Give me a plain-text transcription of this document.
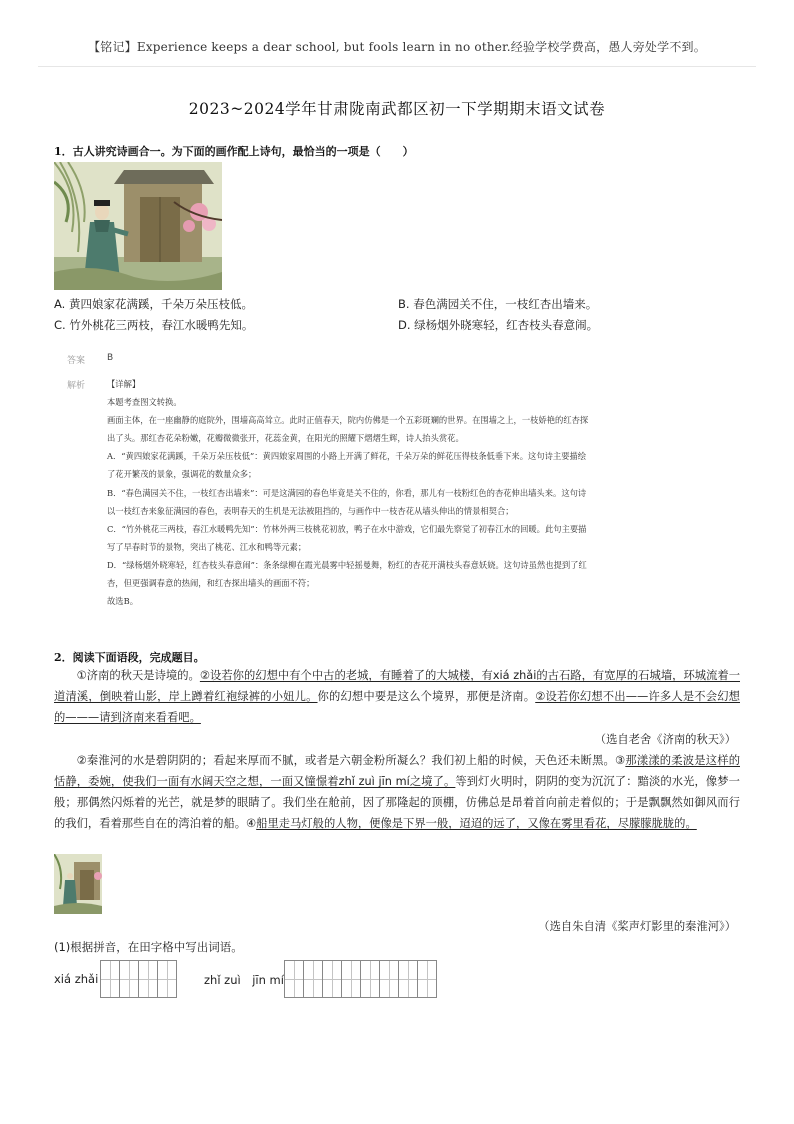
【铭记】Experience keeps a dear school, but fools learn in no other.经验学校学费高，愚人旁处学不到。
2023~2024学年甘肃陇南武都区初一下学期期末语文试卷
1．古人讲究诗画合一。为下面的画作配上诗句，最恰当的一项是（　　）
A. 黄四娘家花满蹊，千朵万朵压枝低。	B. 春色满园关不住，一枝红杏出墙来。
C. 竹外桃花三两枝，春江水暖鸭先知。	D. 绿杨烟外晓寒轻，红杏枝头春意闹。
答案 B
解析	【详解】

本题考查图文转换。

画面主体，在一座幽静的庭院外，围墙高高耸立。此时正值春天，院内仿佛是一个五彩斑斓的世界。在围墙之上，一枝娇艳的红杏探

出了头。那红杏花朵粉嫩，花瓣微微张开，花蕊金黄，在阳光的照耀下熠熠生辉，诗人抬头赏花。

A．“黄四娘家花满蹊，千朵万朵压枝低”：黄四娘家周围的小路上开满了鲜花，千朵万朵的鲜花压得枝条低垂下来。这句诗主要描绘

了花开繁茂的景象，强调花的数量众多；

B．“春色满园关不住，一枝红杏出墙来”：可是这满园的春色毕竟是关不住的，你看，那儿有一枝粉红色的杏花伸出墙头来。这句诗

以一枝红杏来象征满园的春色，表明春天的生机是无法被阻挡的，与画作中一枝杏花从墙头伸出的情景相契合；

C．“竹外桃花三两枝，春江水暖鸭先知”：竹林外两三枝桃花初放，鸭子在水中游戏，它们最先察觉了初春江水的回暖。此句主要描

写了早春时节的景物，突出了桃花、江水和鸭等元素；

D．“绿杨烟外晓寒轻，红杏枝头春意闹”：条条绿柳在霞光晨雾中轻摇曼舞，粉红的杏花开满枝头春意妖娆。这句诗虽然也提到了红

杏，但更强调春意的热闹，和红杏探出墙头的画面不符；

故选B。

2．阅读下面语段，完成题目。

①济南的秋天是诗境的。②设若你的幻想中有个中古的老城，有睡着了的大城楼，有xiá zhǎi的古石路，有宽厚的石城墙，环城流着一道清溪，倒映着山影，岸上蹲着红袍绿裤的小妞儿。你的幻想中要是这么个境界，那便是济南。②设若你幻想不出——许多人是不会幻想的———请到济南来看看吧。

（选自老舍《济南的秋天》）

②秦淮河的水是碧阴阴的；看起来厚而不腻，或者是六朝金粉所凝么？我们初上船的时候，天色还未断黑。③那漾漾的柔波是这样的恬静，委婉，使我们一面有水阔天空之想，一面又憧憬着zhǐ zuì jīn mí之境了。等到灯火明时，阴阴的变为沉沉了：黯淡的水光，像梦一般；那偶然闪烁着的光芒，就是梦的眼睛了。我们坐在舱前，因了那隆起的顶棚，仿佛总是昂着首向前走着似的；于是飘飘然如御风而行的我们，看着那些自在的湾泊着的船。④船里走马灯般的人物，便像是下界一般，迢迢的远了，又像在雾里看花，尽朦朦胧胧的。

（选自朱自清《桨声灯影里的秦淮河》）
(1)根据拼音，在田字格中写出词语。
xiá zhǎi	zhǐ zuì　jīn mí
